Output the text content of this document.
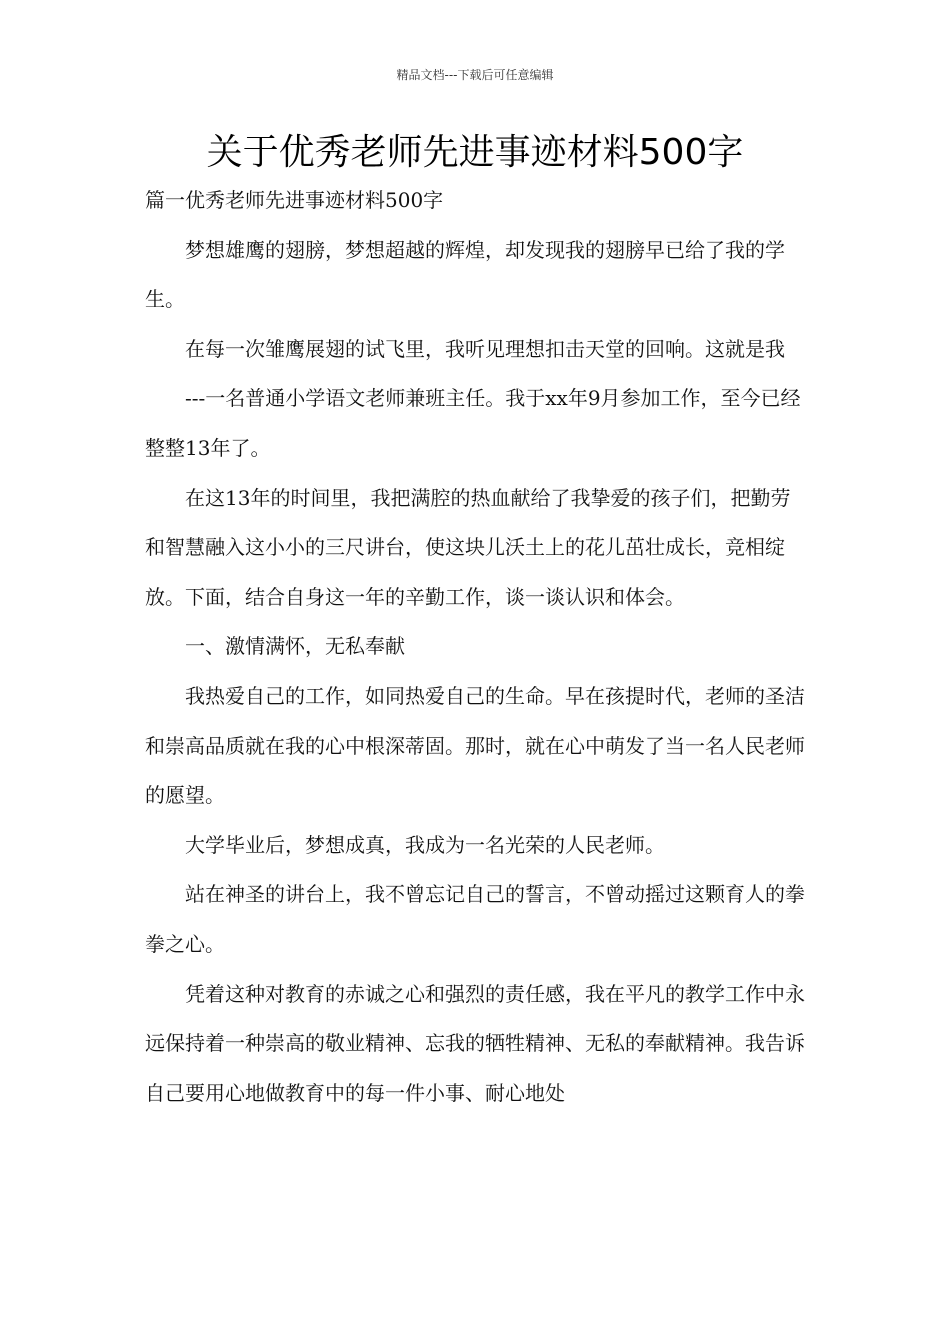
精品文档---下载后可任意编辑
关于优秀老师先进事迹材料500字

篇一优秀老师先进事迹材料500字

梦想雄鹰的翅膀，梦想超越的辉煌，却发现我的翅膀早已给了我的学生。

在每一次雏鹰展翅的试飞里，我听见理想扣击天堂的回响。这就是我

---一名普通小学语文老师兼班主任。我于xx年9月参加工作，至今已经整整13年了。

在这13年的时间里，我把满腔的热血献给了我挚爱的孩子们，把勤劳和智慧融入这小小的三尺讲台，使这块儿沃土上的花儿茁壮成长，竞相绽放。下面，结合自身这一年的辛勤工作，谈一谈认识和体会。

一、激情满怀，无私奉献

我热爱自己的工作，如同热爱自己的生命。早在孩提时代，老师的圣洁和崇高品质就在我的心中根深蒂固。那时，就在心中萌发了当一名人民老师的愿望。

大学毕业后，梦想成真，我成为一名光荣的人民老师。

站在神圣的讲台上，我不曾忘记自己的誓言，不曾动摇过这颗育人的拳拳之心。

凭着这种对教育的赤诚之心和强烈的责任感，我在平凡的教学工作中永远保持着一种崇高的敬业精神、忘我的牺牲精神、无私的奉献精神。我告诉自己要用心地做教育中的每一件小事、耐心地处
